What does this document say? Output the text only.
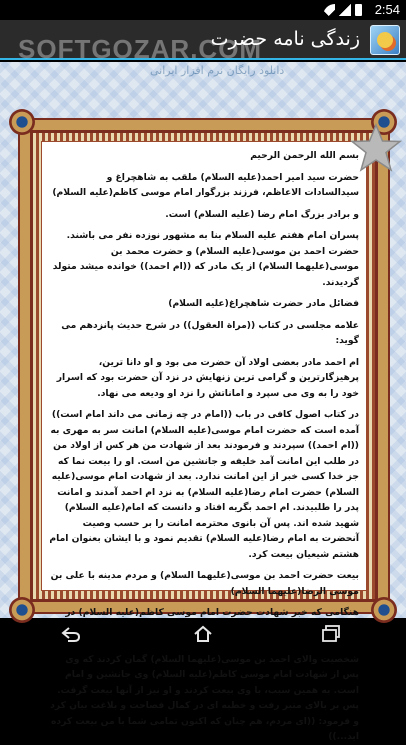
2:54
زندگی نامه حضرت
SOFTGOZAR.COM
دانلود رایگان نرم افزار ایرانی

بسم الله الرحمن الرحیم

حضرت سید امیر احمد(علیه السلام) ملقب به شاهچراغ و سیدالسادات الاعاظم، فرزند بزرگوار امام موسی کاظم(علیه السلام)

و برادر بزرگ امام رضا (علیه السلام) است.

پسران امام هفتم علیه السلام بنا به مشهور نوزده نفر می باشند. حضرت احمد بن موسی(علیه السلام) و حضرت محمد بن موسی(علیهما السلام) از یک مادر که ((ام احمد)) خوانده میشد متولد گردیدند.

فضائل مادر حضرت شاهچراغ(علیه السلام)

علامه مجلسی در کتاب ((مراة العقول)) در شرح حدیث پانزدهم می گوید:

ام احمد مادر بعضی اولاد آن حضرت می بود و او دانا ترین، پرهیزگارترین و گرامی ترین زنهایش در نزد آن حضرت بود که اسرار خود را به وی می سپرد و اماناتش را نزد او ودیعه می نهاد.

در کتاب اصول کافی در باب ((امام در چه زمانی می داند امام است)) آمده است که حضرت امام موسی(علیه السلام) امانت سر به مهری به ((ام احمد)) سپردند و فرمودند بعد از شهادت من هر کس از اولاد من در طلب این امانت آمد خلیفه و جانشین من است. او را بیعت نما که جز خدا کسی خبر از این امانت ندارد. بعد از شهادت امام موسی(علیه السلام) حضرت امام رضا(علیه السلام) به نزد ام احمد آمدند و امانت پدر را طلبیدند. ام احمد بگریه افتاد و دانست که امام(علیه السلام) شهید شده اند. پس آن بانوی محترمه امانت را بر حسب وصیت آنحضرت به امام رضا(علیه السلام) تقدیم نمود و با ایشان بعنوان امام هشتم شیعیان بیعت کرد.

بیعت حضرت احمد بن موسی(علیهما السلام) و مردم مدینه با علی بن موسی الرضا(علیهما السلام)

هنگامی که خبر شهادت حضرت امام موسی کاظم(علیه السلام) در شخصیت والای احمد بن موسی(علیهما السلام) گمان کردند که وی پس از شهادت امام موسی کاظم(علیه السلام) وی جانشین و امام است. به همین سبب، با وی بیعت کردند و او نیز از آنها بیعت گرفت. پس بر بالای منبر رفت و خطبه ای در کمال فصاحت و بلاغت بیان کرد و فرمود: ((ای مردم، هم چنان که اکنون تمامی شما با من بیعت کرده اید...))
